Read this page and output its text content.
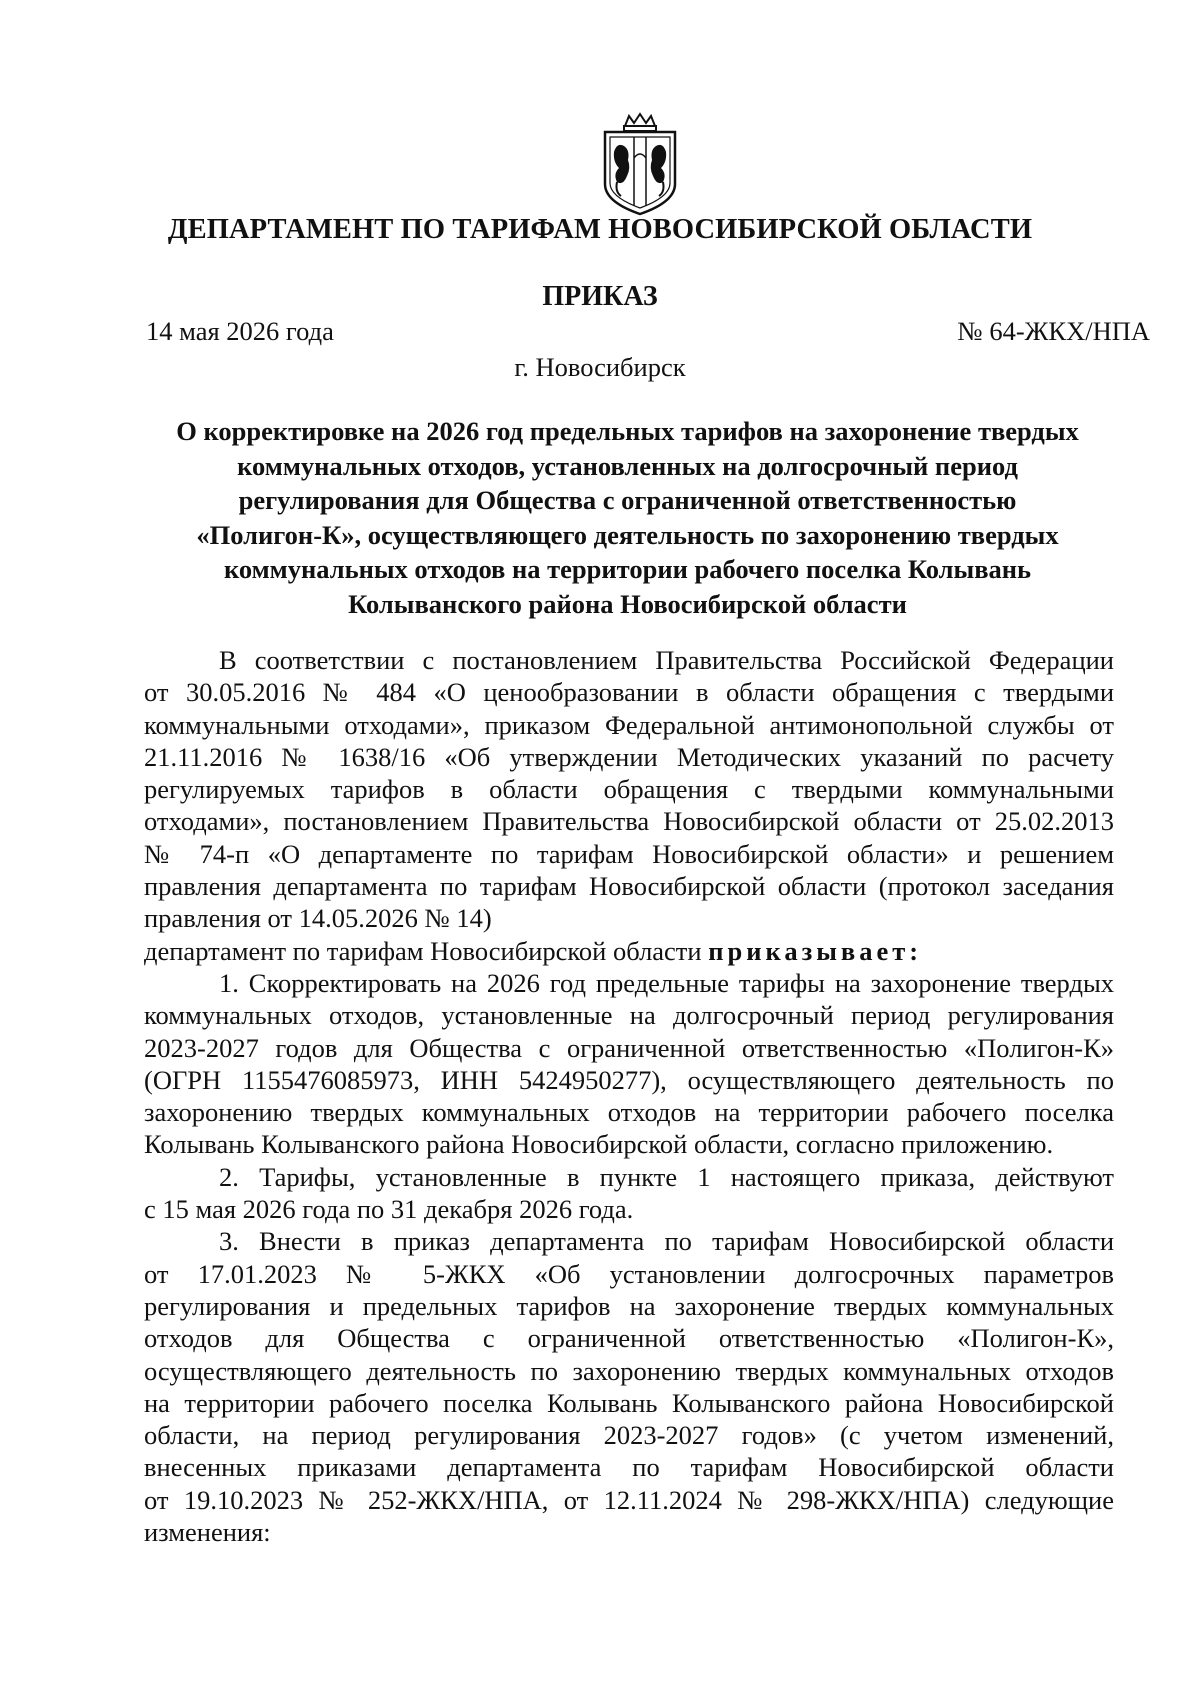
ДЕПАРТАМЕНТ ПО ТАРИФАМ НОВОСИБИРСКОЙ ОБЛАСТИ
ПРИКАЗ
14 мая 2026 года	№ 64-ЖКХ/НПА
г. Новосибирск
О корректировке на 2026 год предельных тарифов на захоронение твердых
коммунальных отходов, установленных на долгосрочный период
регулирования для Общества с ограниченной ответственностью
«Полигон-К», осуществляющего деятельность по захоронению твердых
коммунальных отходов на территории рабочего поселка Колывань
Колыванского района Новосибирской области

В соответствии с постановлением Правительства Российской Федерации
от 30.05.2016 № 484 «О ценообразовании в области обращения с твердыми
коммунальными отходами», приказом Федеральной антимонопольной службы от
21.11.2016 № 1638/16 «Об утверждении Методических указаний по расчету
регулируемых тарифов в области обращения с твердыми коммунальными
отходами», постановлением Правительства Новосибирской области от 25.02.2013
№ 74-п «О департаменте по тарифам Новосибирской области» и решением
правления департамента по тарифам Новосибирской области (протокол заседания
правления от 14.05.2026 № 14)

департамент по тарифам Новосибирской области приказывает:

1. Скорректировать на 2026 год предельные тарифы на захоронение твердых
коммунальных отходов, установленные на долгосрочный период регулирования
2023-2027 годов для Общества с ограниченной ответственностью «Полигон-К»
(ОГРН 1155476085973, ИНН 5424950277), осуществляющего деятельность по
захоронению твердых коммунальных отходов на территории рабочего поселка
Колывань Колыванского района Новосибирской области, согласно приложению.

2. Тарифы, установленные в пункте 1 настоящего приказа, действуют
с 15 мая 2026 года по 31 декабря 2026 года.

3. Внести в приказ департамента по тарифам Новосибирской области
от 17.01.2023 № 5-ЖКХ «Об установлении долгосрочных параметров
регулирования и предельных тарифов на захоронение твердых коммунальных
отходов для Общества с ограниченной ответственностью «Полигон-К»,
осуществляющего деятельность по захоронению твердых коммунальных отходов
на территории рабочего поселка Колывань Колыванского района Новосибирской
области, на период регулирования 2023-2027 годов» (с учетом изменений,
внесенных приказами департамента по тарифам Новосибирской области
от 19.10.2023 № 252-ЖКХ/НПА, от 12.11.2024 № 298-ЖКХ/НПА) следующие
изменения:
